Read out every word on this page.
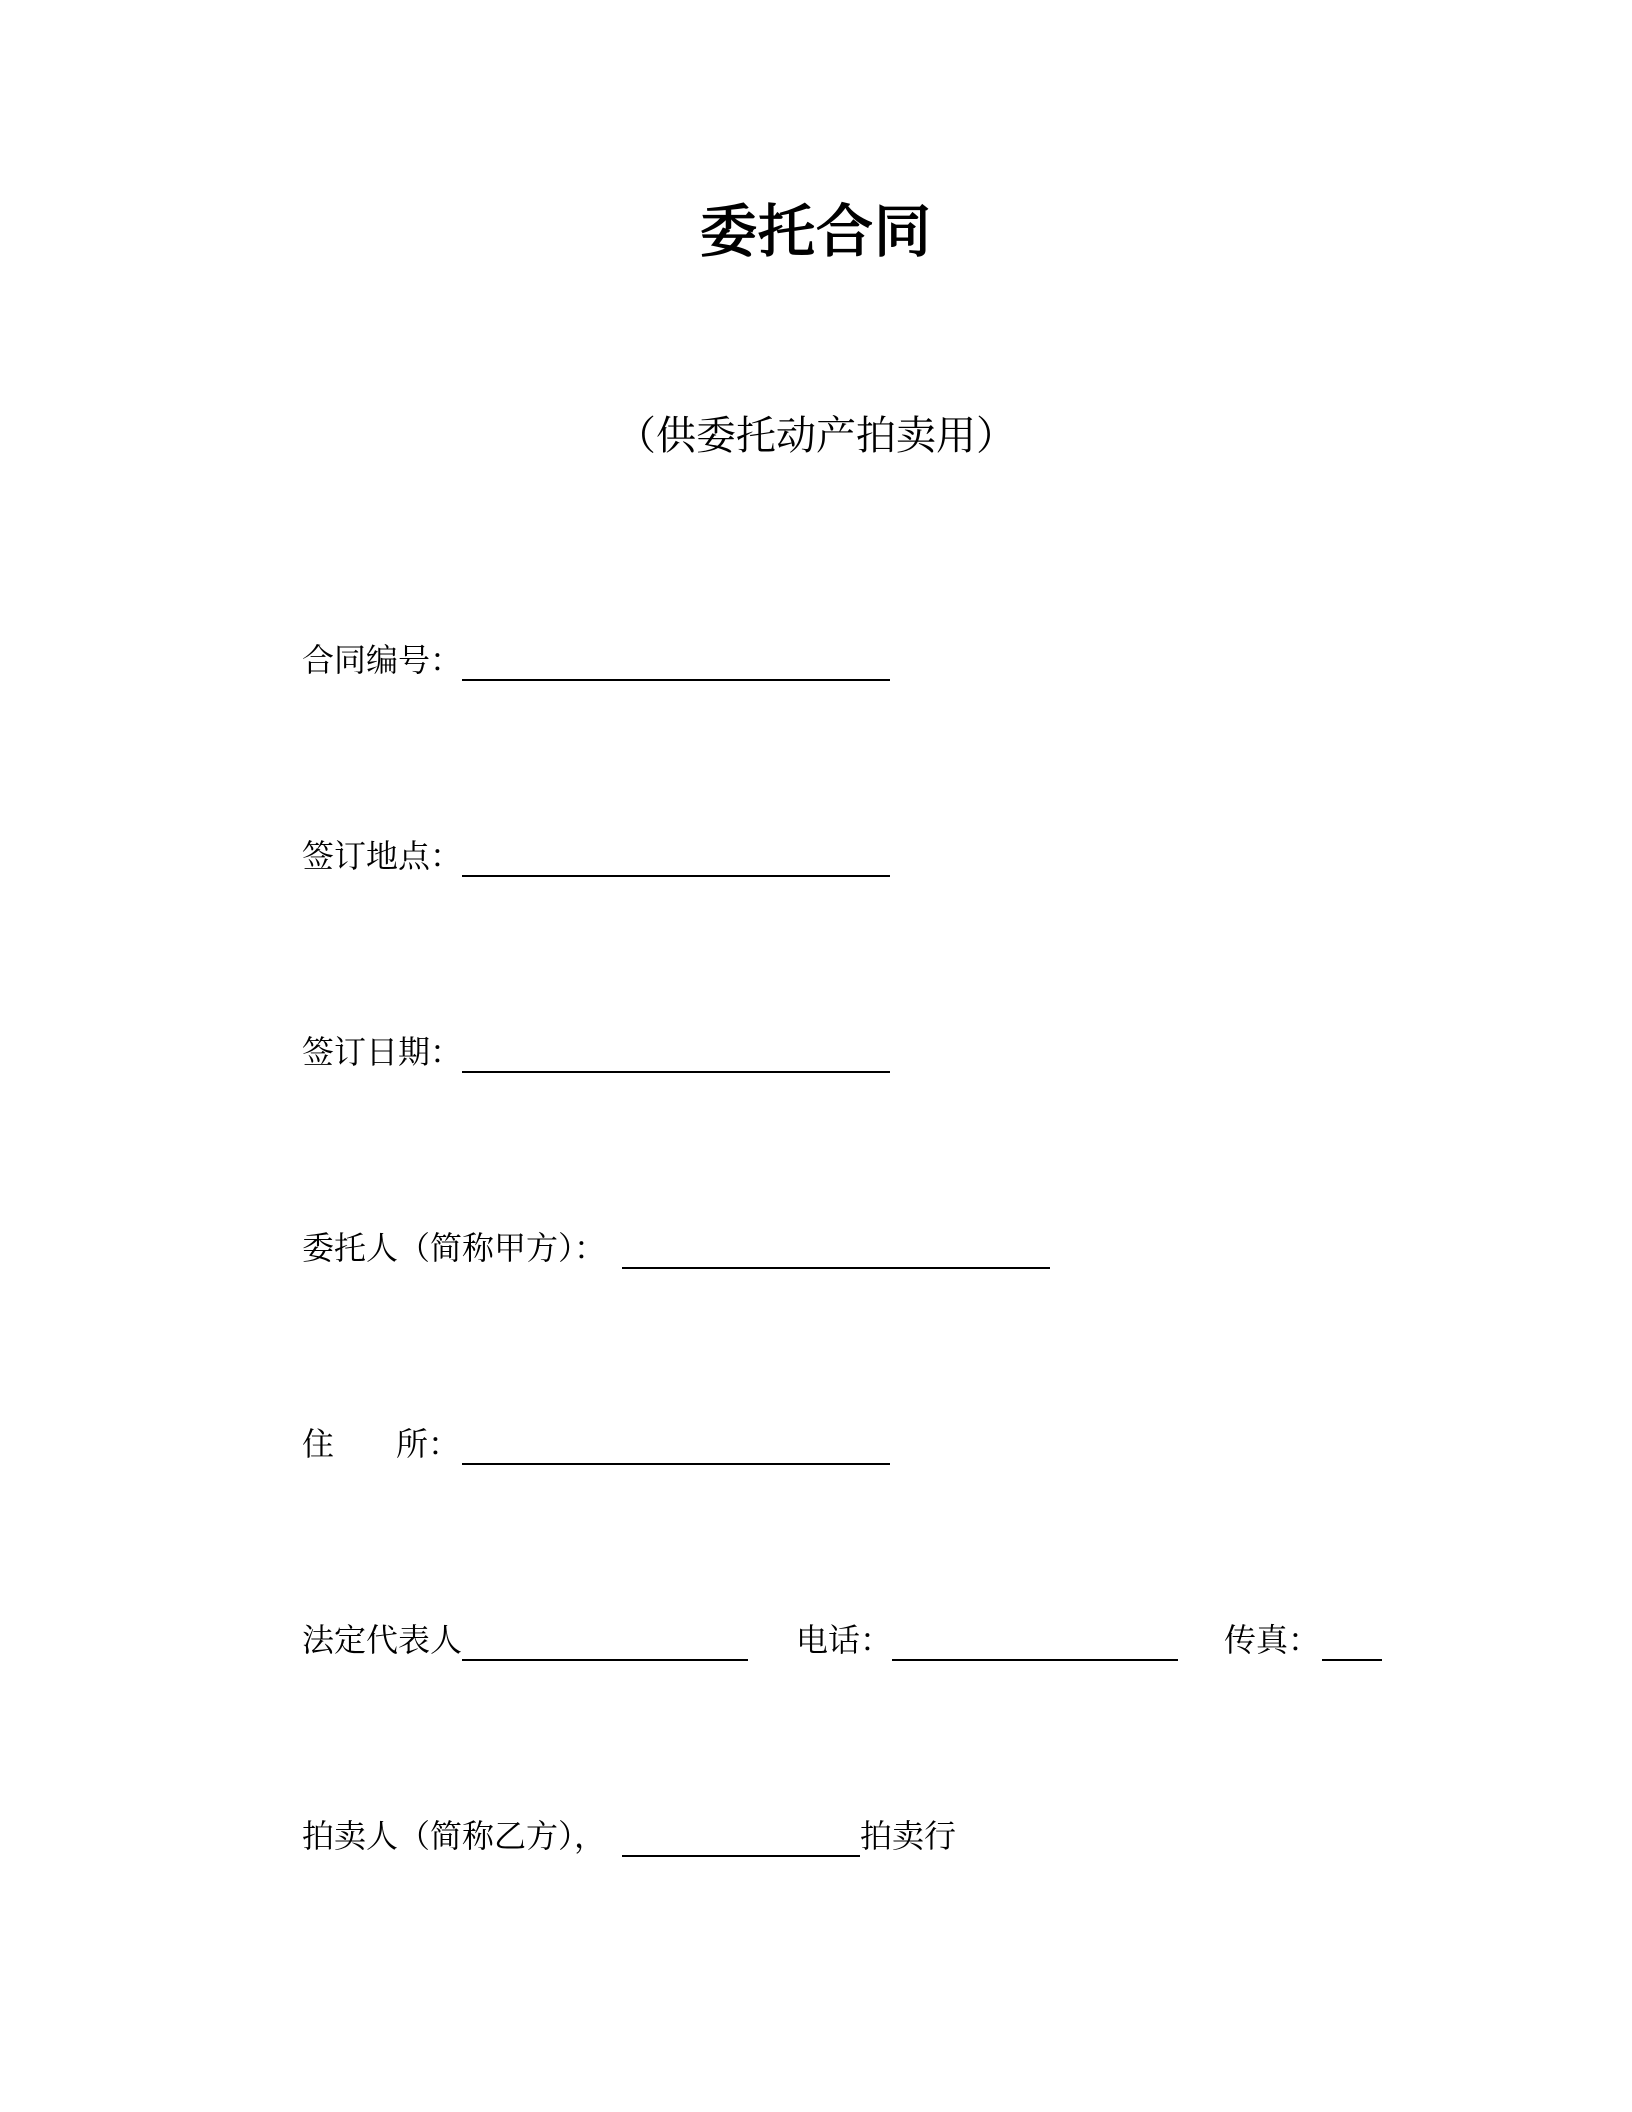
委托合同
（供委托动产拍卖用）
合同编号：
签订地点：
签订日期：
委托人（简称甲方）：
住 所：
法定代表人	电话：	传真：
拍卖人（简称乙方），	拍卖行
